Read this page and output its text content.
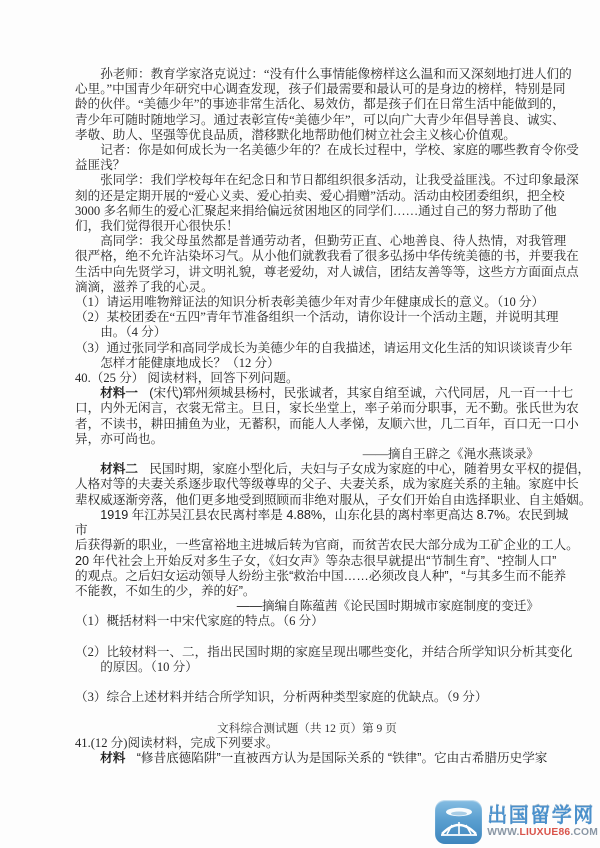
孙老师：教育学家洛克说过：“没有什么事情能像榜样这么温和而又深刻地打进人们的
心里。”中国青少年研究中心调查发现，孩子们最需要和最认可的是身边的榜样，特别是同
龄的伙伴。“美德少年”的事迹非常生活化、易效仿，都是孩子们在日常生活中能做到的，
青少年可随时随地学习。通过表彰宣传“美德少年”，可以向广大青少年倡导善良、诚实、
孝敬、助人、坚强等优良品质，潜移默化地帮助他们树立社会主义核心价值观。
记者：你是如何成长为一名美德少年的？在成长过程中，学校、家庭的哪些教育令你受
益匪浅？
张同学：我们学校每年在纪念日和节日都组织很多活动，让我受益匪浅。不过印象最深
刻的还是定期开展的“爱心义卖、爱心拍卖、爱心捐赠”活动。活动由校团委组织，把全校
3000 多名师生的爱心汇聚起来捐给偏远贫困地区的同学们……通过自己的努力帮助了他
们，我们觉得很开心很快乐！
高同学：我父母虽然都是普通劳动者，但勤劳正直、心地善良、待人热情，对我管理
很严格，绝不允许沾染坏习气。从小他们就教我看了很多弘扬中华传统美德的书，并要我在
生活中向先贤学习，讲文明礼貌，尊老爱幼，对人诚信，团结友善等等，这些方方面面点点
滴滴，滋养了我的心灵。
（1）请运用唯物辩证法的知识分析表彰美德少年对青少年健康成长的意义。（10 分）
（2）某校团委在“五四”青年节准备组织一个活动，请你设计一个活动主题，并说明其理
由。（4 分）
（3）通过张同学和高同学成长为美德少年的自我描述，请运用文化生活的知识谈谈青少年
怎样才能健康地成长？（12 分）
40.（25 分） 阅读材料，回答下列问题。
材料一 (宋代)郓州须城县杨村，民张诚者，其家自绾至诚，六代同居，凡一百一十七
口，内外无闲言，衣裳无常主。旦日，家长坐堂上，率子弟而分职事，无不勤。张氏世为农
者，不读书，耕田捕鱼为业，无蓄积，而能人人孝悌，友顺六世，几二百年，百口无一口小
异，亦可尚也。
——摘自王辟之《渑水燕谈录》
材料二 民国时期，家庭小型化后，夫妇与子女成为家庭的中心，随着男女平权的提倡，
人格对等的夫妻关系逐步取代等级尊卑的父子、夫妻关系，成为家庭关系的主轴。家庭中长
辈权威逐渐旁落，他们更多地受到照顾而非绝对服从，子女们开始自由选择职业、自主婚姻。
1919 年江苏吴江县农民离村率是 4.88%，山东化县的离村率更高达 8.7%。农民到城
市
后获得新的职业，一些富裕地主进城后转为官商，而贫苦农民大部分成为工矿企业的工人。
20 年代社会上开始反对多生子女，《妇女声》等杂志很早就提出“节制生育”、“控制人口”
的观点。之后妇女运动领导人纷纷主张“救治中国……必须改良人种”，“与其多生而不能养
不能教，不如生的少，养的好”。
——摘编自陈蕴茜《论民国时期城市家庭制度的变迁》
（1）概括材料一中宋代家庭的特点。（6 分）
（2）比较材料一、二，指出民国时期的家庭呈现出哪些变化，并结合所学知识分析其变化
的原因。（10 分）
（3）综合上述材料并结合所学知识，分析两种类型家庭的优缺点。（9 分）
文科综合测试题（共 12 页）第 9 页
41.(12 分)阅读材料，完成下列要求。
材料 “修昔底德陷阱”一直被西方认为是国际关系的 “铁律”。它由古希腊历史学家
出国留学网
WWW.LIUXUE86.COM
